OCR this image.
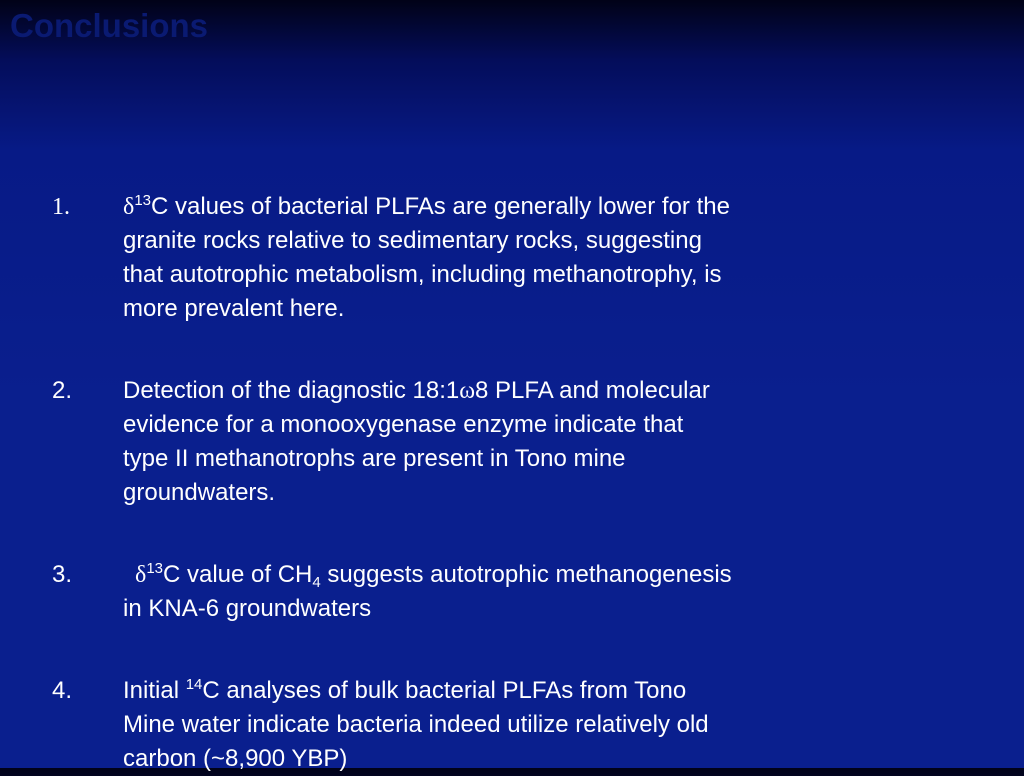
Conclusions
1. $\delta^{13}C$ values of bacterial PLFAs are generally lower for the
granite rocks relative to sedimentary rocks, suggesting
that autotrophic metabolism, including methanotrophy, is
more prevalent here.
2. Detection of the diagnostic 18:1ω8 PLFA and molecular
evidence for a monooxygenase enzyme indicate that
type II methanotrophs are present in Tono mine
groundwaters.
3.	$\delta^{13}C$ value of $CH_4$ suggests autotrophic methanogenesis
in KNA-6 groundwaters
4. Initial $^{14}$C analyses of bulk bacterial PLFAs from Tono
Mine water indicate bacteria indeed utilize relatively old
carbon (~8,900 YBP)
